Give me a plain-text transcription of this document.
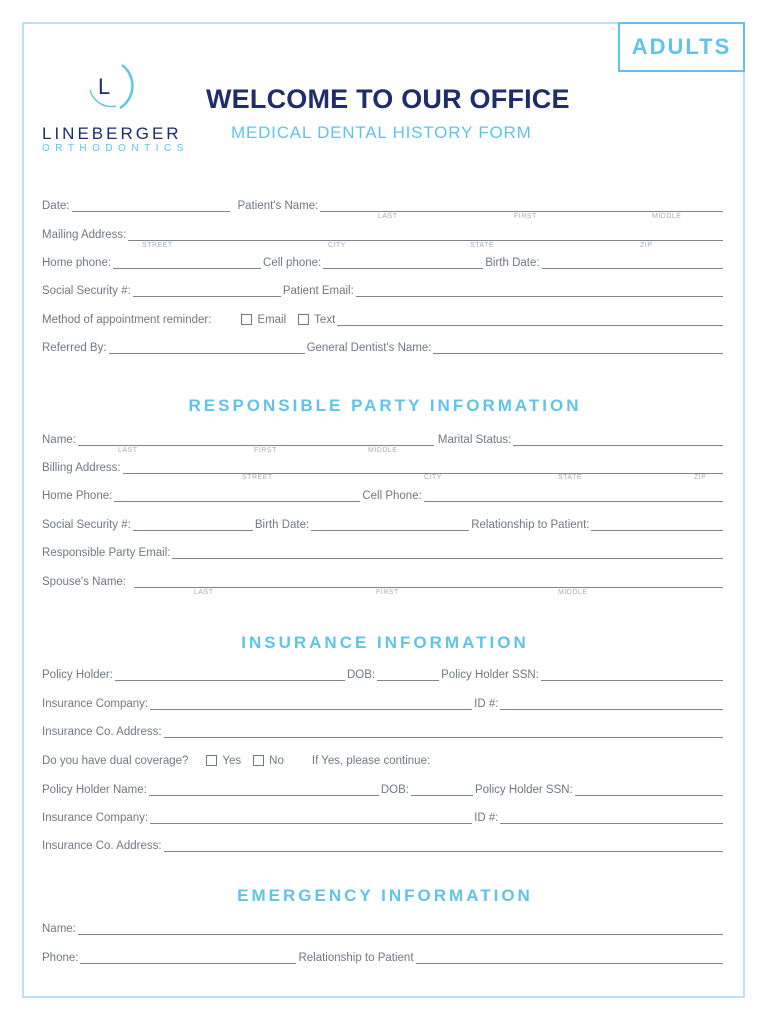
ADULTS
L
LINEBERGER
ORTHODONTICS
WELCOME TO OUR OFFICE
MEDICAL DENTAL HISTORY FORM
Date:	Patient's Name:
LAST	FIRST	MIDDLE
Mailing Address:
STREET	CITY	STATE	ZIP
Home phone:	Cell phone:	Birth Date:
Social Security #:	Patient Email:
Method of appointment reminder:	Email Text
Referred By:	General Dentist's Name:
RESPONSIBLE PARTY INFORMATION
Name:	Marital Status:
LAST	FIRST	MIDDLE
Billing Address:
STREET	CITY	STATE	ZIP
Home Phone:	Cell Phone:
Social Security #:	Birth Date:	Relationship to Patient:
Responsible Party Email:
Spouse's Name:
LAST	FIRST	MIDDLE
INSURANCE INFORMATION
Policy Holder:	DOB:	Policy Holder SSN:
Insurance Company:	ID #:
Insurance Co. Address:
Do you have dual coverage?	Yes No If Yes, please continue:
Policy Holder Name:	DOB:	Policy Holder SSN:
Insurance Company:	ID #:
Insurance Co. Address:
EMERGENCY INFORMATION
Name:
Phone:	Relationship to Patient
